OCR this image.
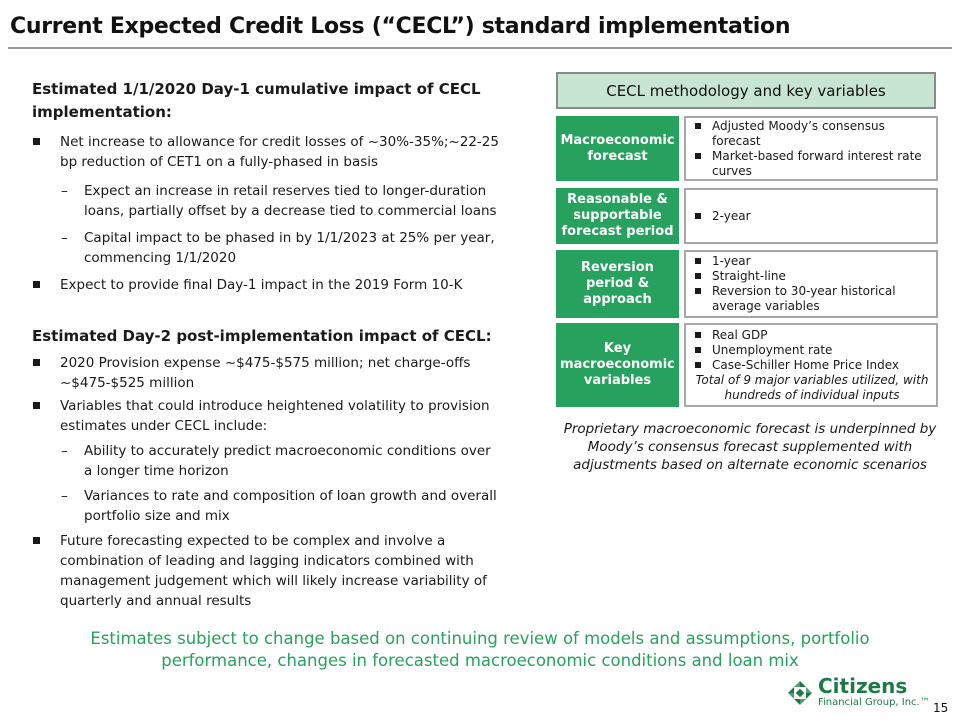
Current Expected Credit Loss (“CECL”) standard implementation
Estimated 1/1/2020 Day-1 cumulative impact of CECL implementation:
Net increase to allowance for credit losses of ~30%-35%;~22-25 bp reduction of CET1 on a fully-phased in basis
– Expect an increase in retail reserves tied to longer-duration loans, partially offset by a decrease tied to commercial loans
– Capital impact to be phased in by 1/1/2023 at 25% per year, commencing 1/1/2020
Expect to provide final Day-1 impact in the 2019 Form 10-K
Estimated Day-2 post-implementation impact of CECL:
2020 Provision expense ~$475-$575 million; net charge-offs ~$475-$525 million
Variables that could introduce heightened volatility to provision estimates under CECL include:
– Ability to accurately predict macroeconomic conditions over a longer time horizon
– Variances to rate and composition of loan growth and overall portfolio size and mix
Future forecasting expected to be complex and involve a combination of leading and lagging indicators combined with management judgement which will likely increase variability of quarterly and annual results
CECL methodology and key variables
Macroeconomic forecast
Adjusted Moody’s consensus forecast
Market-based forward interest rate curves
Reasonable & supportable forecast period
2-year
Reversion period & approach
1-year
Straight-line
Reversion to 30-year historical average variables
Key macroeconomic variables
Real GDP
Unemployment rate
Case-Schiller Home Price Index
Total of 9 major variables utilized, with hundreds of individual inputs
Proprietary macroeconomic forecast is underpinned by Moody’s consensus forecast supplemented with adjustments based on alternate economic scenarios
Estimates subject to change based on continuing review of models and assumptions, portfolio performance, changes in forecasted macroeconomic conditions and loan mix
Citizens
Financial Group, Inc.™ 15
